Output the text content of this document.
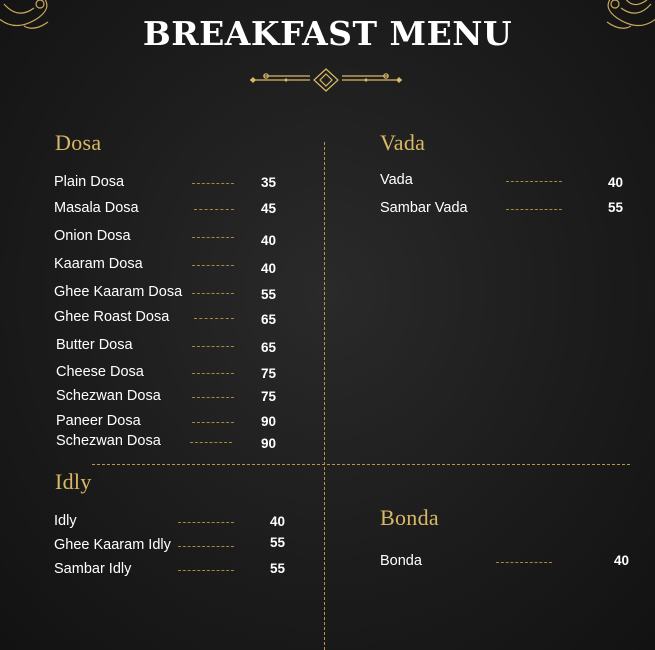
BREAKFAST MENU
Dosa
Plain Dosa	35
Masala Dosa	45
Onion Dosa	40
Kaaram Dosa	40
Ghee Kaaram Dosa	55
Ghee Roast Dosa	65
Butter Dosa	65
Cheese Dosa	75
Schezwan Dosa	75
Paneer Dosa	90
Schezwan Dosa	90
Vada
Vada	40
Sambar Vada	55
Idly
Idly	40
Ghee Kaaram Idly	55
Sambar Idly	55
Bonda
Bonda	40
